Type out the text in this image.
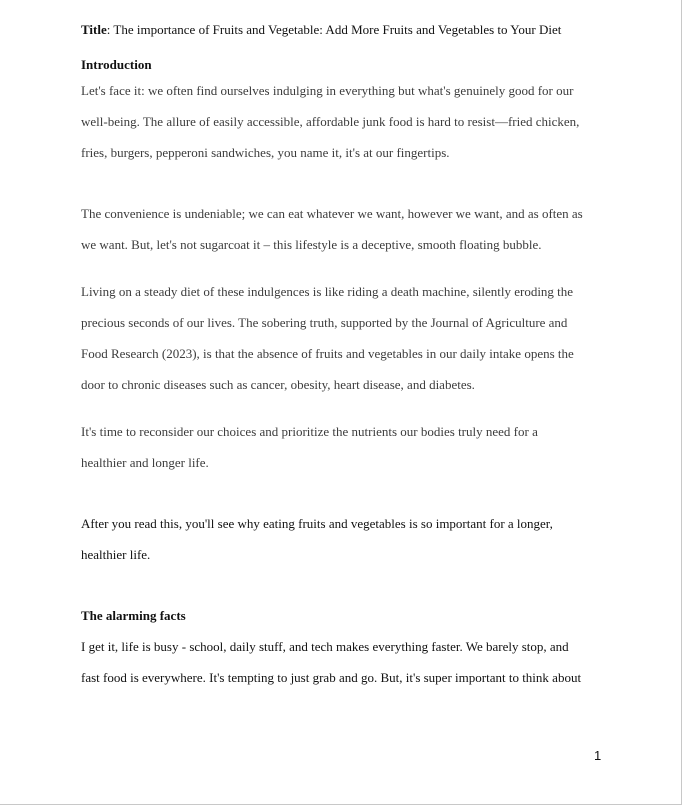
Title: The importance of Fruits and Vegetable: Add More Fruits and Vegetables to Your Diet
Introduction
Let's face it: we often find ourselves indulging in everything but what's genuinely good for our
well-being. The allure of easily accessible, affordable junk food is hard to resist—fried chicken,
fries, burgers, pepperoni sandwiches, you name it, it's at our fingertips.
The convenience is undeniable; we can eat whatever we want, however we want, and as often as
we want. But, let's not sugarcoat it – this lifestyle is a deceptive, smooth floating bubble.
Living on a steady diet of these indulgences is like riding a death machine, silently eroding the
precious seconds of our lives. The sobering truth, supported by the Journal of Agriculture and
Food Research (2023), is that the absence of fruits and vegetables in our daily intake opens the
door to chronic diseases such as cancer, obesity, heart disease, and diabetes.
It's time to reconsider our choices and prioritize the nutrients our bodies truly need for a
healthier and longer life.
After you read this, you'll see why eating fruits and vegetables is so important for a longer,
healthier life.
The alarming facts
I get it, life is busy - school, daily stuff, and tech makes everything faster. We barely stop, and
fast food is everywhere. It's tempting to just grab and go. But, it's super important to think about
1
